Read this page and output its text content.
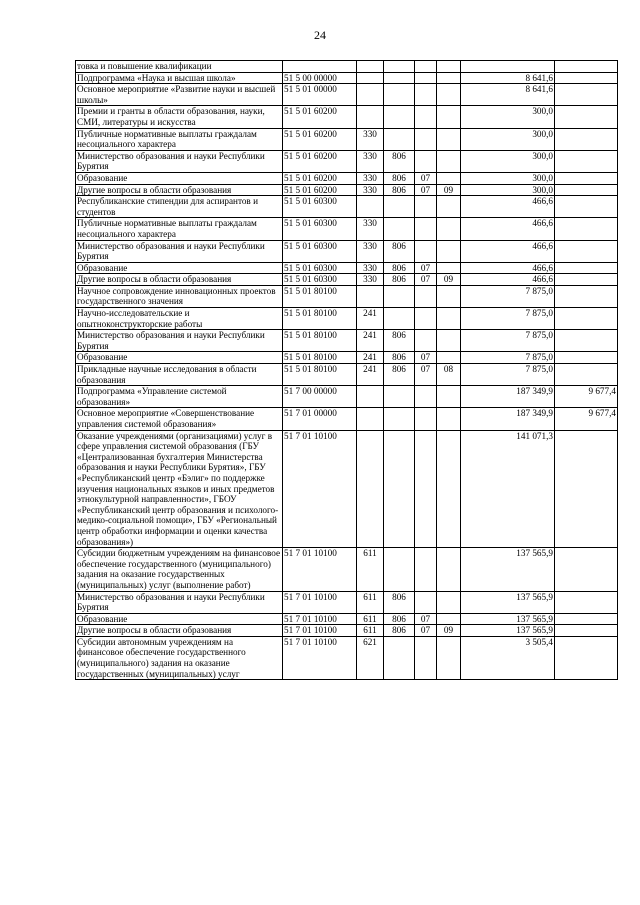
24
товка и повышение квалификации							
Подпрограмма «Наука и высшая школа»	51 5 00 00000					8 641,6	
Основное мероприятие «Развитие науки и высшей школы»	51 5 01 00000					8 641,6	
Премии и гранты в области образования, науки, СМИ, литературы и искусства	51 5 01 60200					300,0	
Публичные нормативные выплаты граждалам несоциального характера	51 5 01 60200	330				300,0	
Министерство образования и науки Республики Бурятия	51 5 01 60200	330	806			300,0	
Образование	51 5 01 60200	330	806	07		300,0	
Другие вопросы в области образования	51 5 01 60200	330	806	07	09	300,0	
Республиканские стипендии для аспирантов и студентов	51 5 01 60300					466,6	
Публичные нормативные выплаты граждалам несоциального характера	51 5 01 60300	330				466,6	
Министерство образования и науки Республики Бурятия	51 5 01 60300	330	806			466,6	
Образование	51 5 01 60300	330	806	07		466,6	
Другие вопросы в области образования	51 5 01 60300	330	806	07	09	466,6	
Научное сопровождение инновационных проектов государственного значения	51 5 01 80100					7 875,0	
Научно-исследовательские и опытноконструкторские работы	51 5 01 80100	241				7 875,0	
Министерство образования и науки Республики Бурятия	51 5 01 80100	241	806			7 875,0	
Образование	51 5 01 80100	241	806	07		7 875,0	
Прикладные научные исследования в области образования	51 5 01 80100	241	806	07	08	7 875,0	
Подпрограмма «Управление системой образования»	51 7 00 00000					187 349,9	9 677,4
Основное мероприятие «Совершенствование управления системой образования»	51 7 01 00000					187 349,9	9 677,4
Оказание учреждениями (организациями) услуг в сфере управления системой образования (ГБУ «Централизованная бухгалтерия Министерства образования и науки Республики Бурятия», ГБУ «Республиканский центр «Бэлиг» по поддержке изучения национальных языков и иных предметов этнокультурной направленности», ГБОУ «Республиканский центр образования и психолого-медико-социальной помощи», ГБУ «Региональный центр обработки информации и оценки качества образования»)	51 7 01 10100					141 071,3	
Субсидии бюджетным учреждениям на финансовое обеспечение государственного (муниципального) задания на оказание государственных (муниципальных) услуг (выполнение работ)	51 7 01 10100	611				137 565,9	
Министерство образования и науки Республики Бурятия	51 7 01 10100	611	806			137 565,9	
Образование	51 7 01 10100	611	806	07		137 565,9	
Другие вопросы в области образования	51 7 01 10100	611	806	07	09	137 565,9	
Субсидии автономным учреждениям на финансовое обеспечение государственного (муниципального) задания на оказание государственных (муниципальных) услуг	51 7 01 10100	621				3 505,4	
